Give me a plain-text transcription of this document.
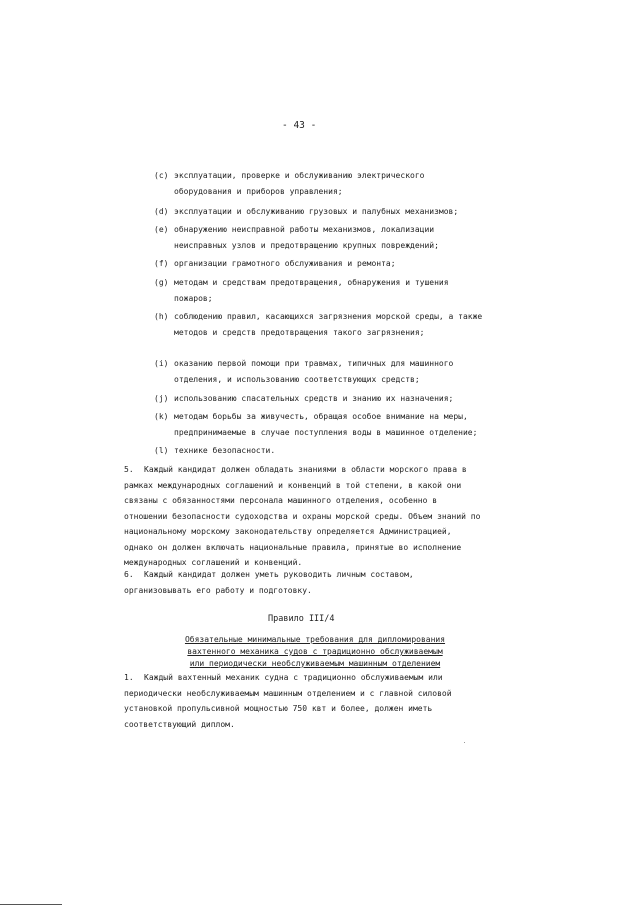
- 43 -
(c) эксплуатации, проверке и обслуживанию электрического оборудования и приборов управления;
(d) эксплуатации и обслуживанию грузовых и палубных механизмов;
(e) обнаружению неисправной работы механизмов, локализации неисправных узлов и предотвращению крупных повреждений;
(f) организации грамотного обслуживания и ремонта;
(g) методам и средствам предотвращения, обнаружения и тушения пожаров;
(h) соблюдению правил, касающихся загрязнения морской среды, а также методов и средств предотвращения такого загрязнения;
(i) оказанию первой помощи при травмах, типичных для машинного отделения, и использованию соответствующих средств;
(j) использованию спасательных средств и знанию их назначения;
(k) методам борьбы за живучесть, обращая особое внимание на меры, предпринимаемые в случае поступления воды в машинное отделение;
(l) технике безопасности.
5. Каждый кандидат должен обладать знаниями в области морского права в рамках международных соглашений и конвенций в той степени, в какой они связаны с обязанностями персонала машинного отделения, особенно в отношении безопасности судоходства и охраны морской среды. Объем знаний по национальному морскому законодательству определяется Администрацией, однако он должен включать национальные правила, принятые во исполнение международных соглашений и конвенций.
6. Каждый кандидат должен уметь руководить личным составом, организовывать его работу и подготовку.
Правило III/4
Обязательные минимальные требования для дипломирования
вахтенного механика судов с традиционно обслуживаемым
или периодически необслуживаемым машинным отделением
1. Каждый вахтенный механик судна с традиционно обслуживаемым или периодически необслуживаемым машинным отделением и с главной силовой установкой пропульсивной мощностью 750 квт и более, должен иметь соответствующий диплом.
